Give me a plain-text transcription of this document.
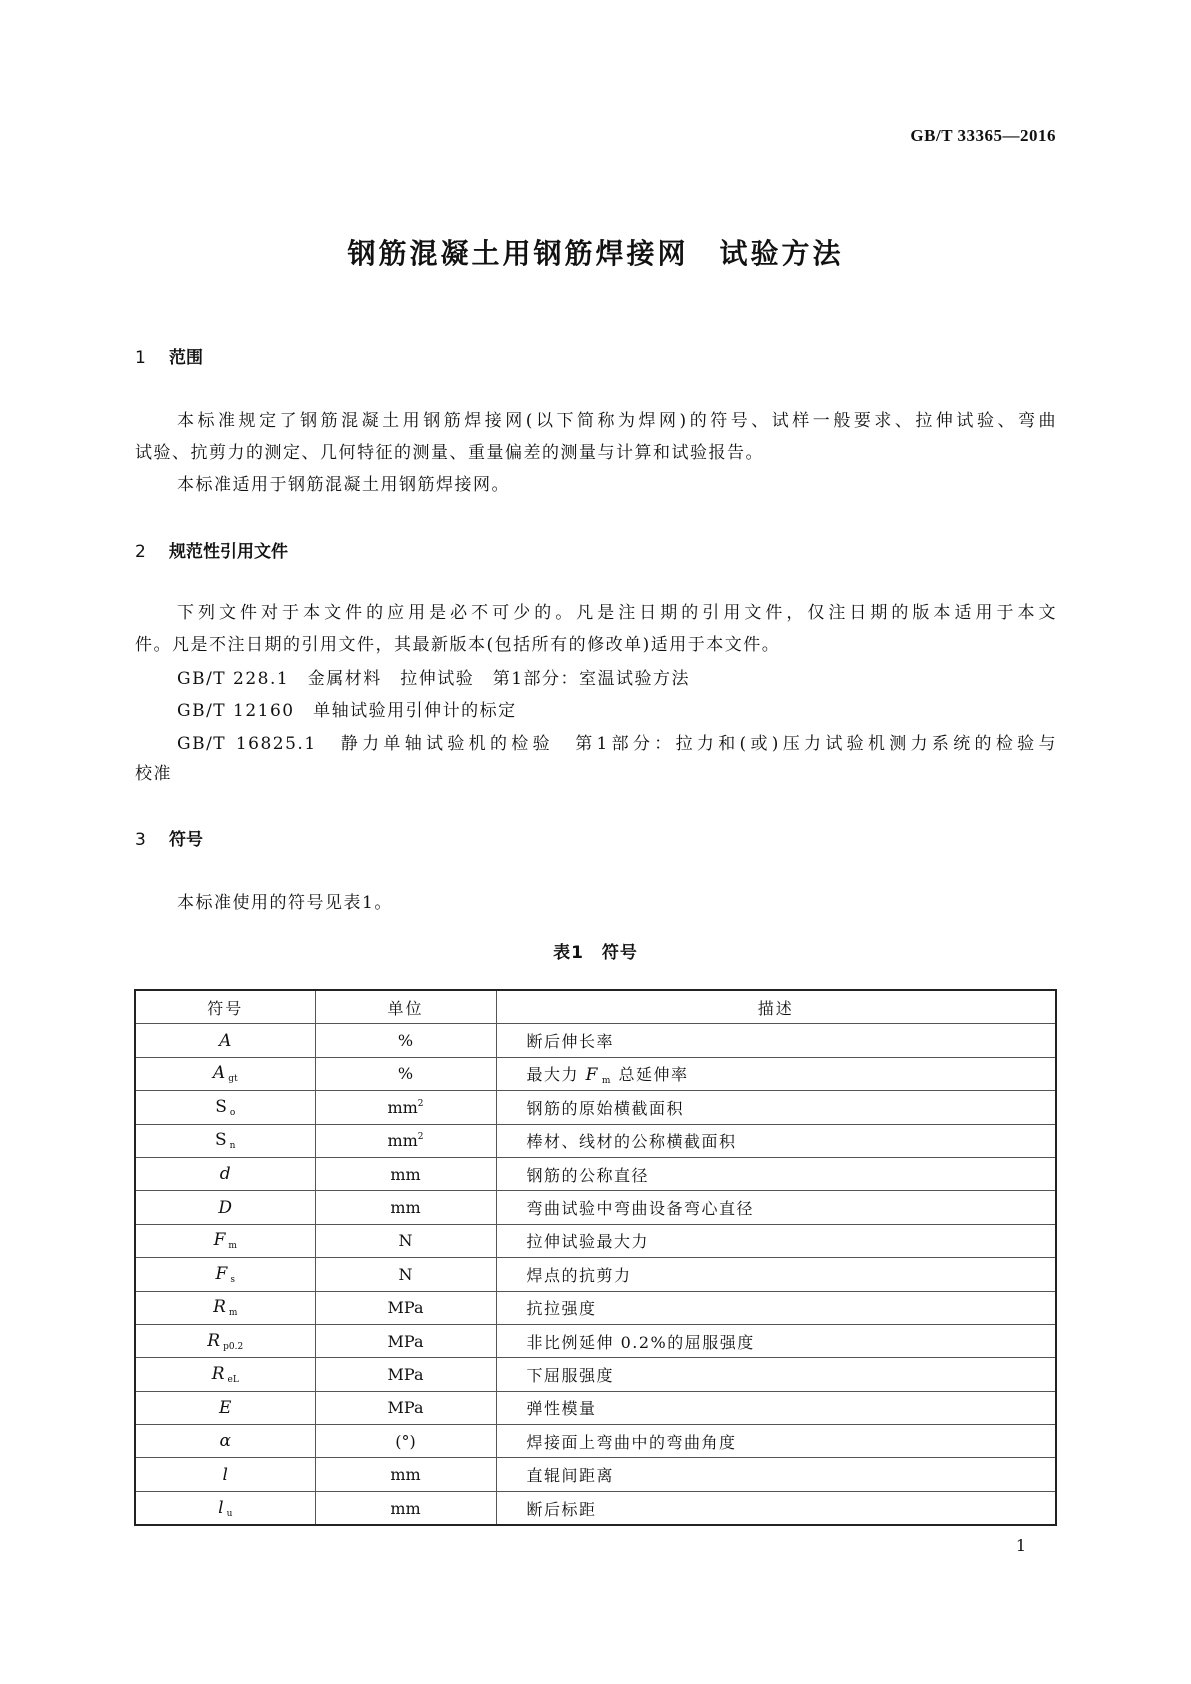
GB/T 33365—2016
钢筋混凝土用钢筋焊接网　试验方法
1 范围
本标准规定了钢筋混凝土用钢筋焊接网(以下简称为焊网)的符号、试样一般要求、拉伸试验、弯曲
试验、抗剪力的测定、几何特征的测量、重量偏差的测量与计算和试验报告。
本标准适用于钢筋混凝土用钢筋焊接网。
2 规范性引用文件
下列文件对于本文件的应用是必不可少的。凡是注日期的引用文件，仅注日期的版本适用于本文
件。凡是不注日期的引用文件，其最新版本(包括所有的修改单)适用于本文件。
GB/T 228.1　金属材料　拉伸试验　第1部分：室温试验方法
GB/T 12160　单轴试验用引伸计的标定
GB/T 16825.1　静力单轴试验机的检验　第1部分：拉力和(或)压力试验机测力系统的检验与
校准
3 符号
本标准使用的符号见表1。
表1　符号
符号	单位	描述
A	%	断后伸长率
A $_{gt}$	%	最大力 F $_m$ 总延伸率
S $_o$	$mm^2$	钢筋的原始横截面积
S $_n$	$mm^2$	棒材、线材的公称横截面积
d	mm	钢筋的公称直径
D	mm	弯曲试验中弯曲设备弯心直径
F $_m$	N	拉伸试验最大力
F $_s$	N	焊点的抗剪力
R $_m$	MPa	抗拉强度
R $_{p0.2}$	MPa	非比例延伸 0.2%的屈服强度
R $_{eL}$	MPa	下屈服强度
E	MPa	弹性模量
α	(°)	焊接面上弯曲中的弯曲角度
l	mm	直辊间距离
l $_u$	mm	断后标距
1
